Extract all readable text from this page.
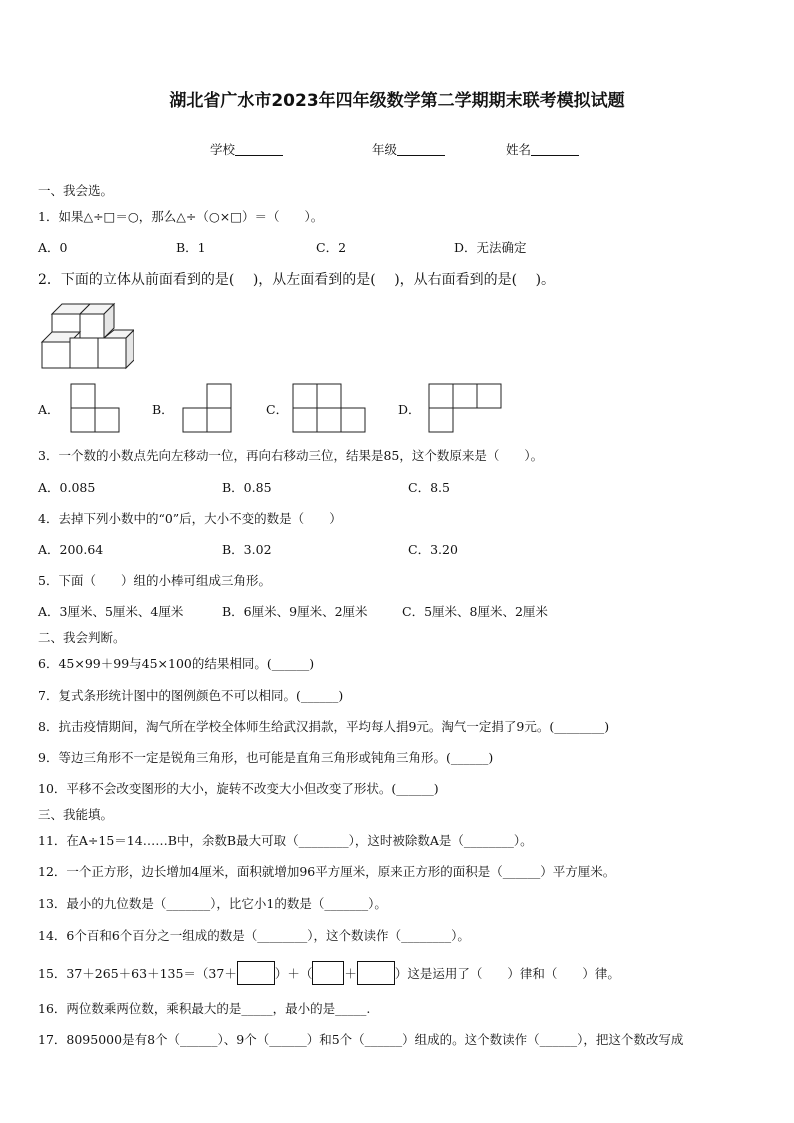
湖北省广水市2023年四年级数学第二学期期末联考模拟试题
学校	年级	姓名
一、我会选。
1．如果△÷□＝○，那么△÷（○×□）＝（　　）。
A．0	B．1	C．2	D．无法确定
2．下面的立体从前面看到的是(　 )，从左面看到的是(　 )，从右面看到的是(　 )。
A．	B．	C．	D．
3．一个数的小数点先向左移动一位，再向右移动三位，结果是85，这个数原来是（　　）。
A．0.085	B．0.85	C．8.5
4．去掉下列小数中的“0”后，大小不变的数是（　　）
A．200.64	B．3.02	C．3.20
5．下面（　　）组的小棒可组成三角形。
A．3厘米、5厘米、4厘米	B．6厘米、9厘米、2厘米	C．5厘米、8厘米、2厘米
二、我会判断。
6．45×99＋99与45×100的结果相同。(______)
7．复式条形统计图中的图例颜色不可以相同。(______)
8．抗击疫情期间，淘气所在学校全体师生给武汉捐款，平均每人捐9元。淘气一定捐了9元。(________)
9．等边三角形不一定是锐角三角形，也可能是直角三角形或钝角三角形。(______)
10．平移不会改变图形的大小，旋转不改变大小但改变了形状。(______)
三、我能填。
11．在A÷15＝14……B中，余数B最大可取（________），这时被除数A是（________）。
12．一个正方形，边长增加4厘米，面积就增加96平方厘米，原来正方形的面积是（______）平方厘米。
13．最小的九位数是（_______），比它小1的数是（_______）。
14．6个百和6个百分之一组成的数是（________），这个数读作（________）。
15．37＋265＋63＋135＝（37＋	）＋（	＋	）这是运用了（　　）律和（　　）律。
16．两位数乘两位数，乘积最大的是_____，最小的是_____.
17．8095000是有8个（______）、9个（______）和5个（______）组成的。这个数读作（______），把这个数改写成
